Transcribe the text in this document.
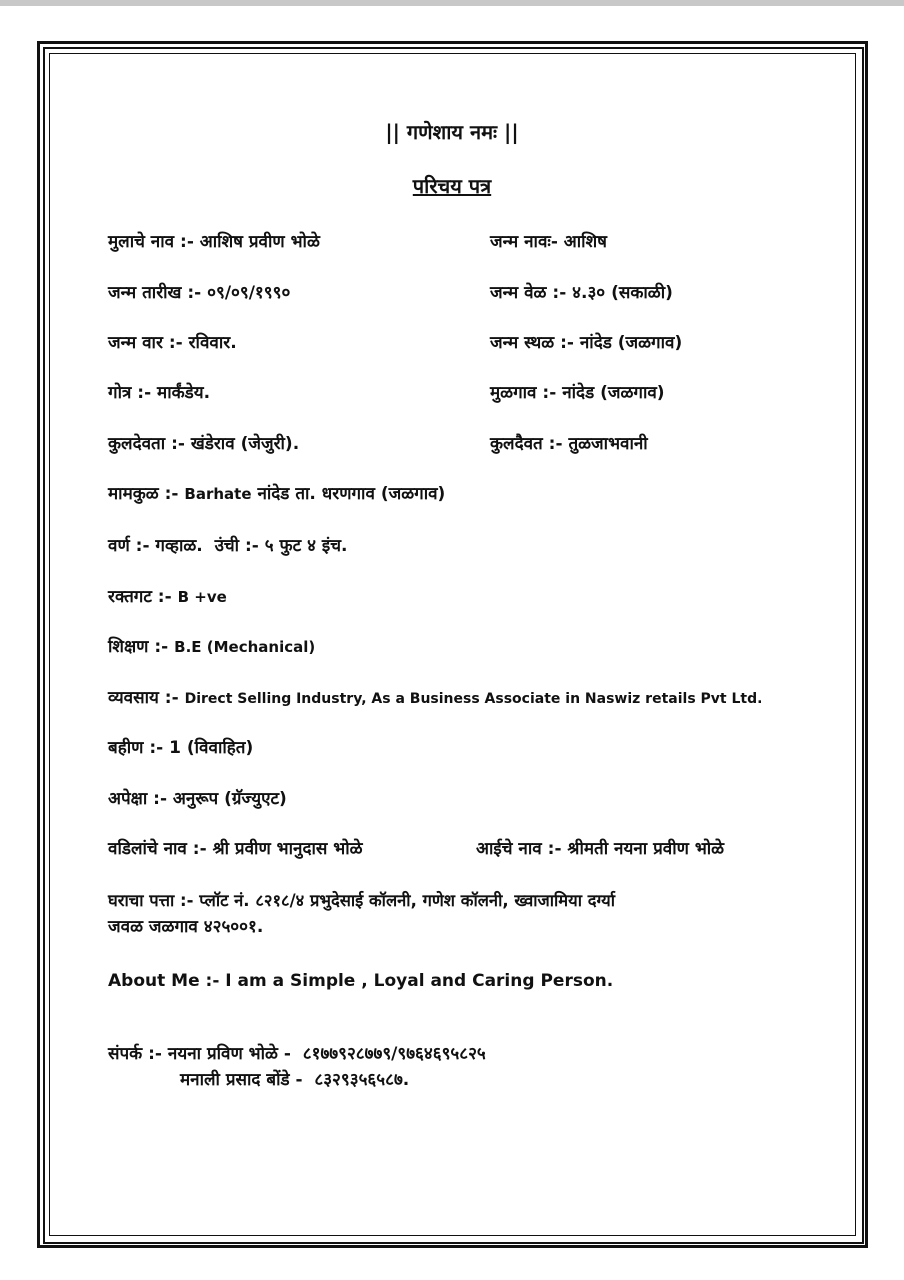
|| गणेशाय नमः ||
परिचय पत्र
मुलाचे नाव :- आशिष प्रवीण भोळे	जन्म नावः- आशिष
जन्म तारीख :- ०९/०९/१९९०	जन्म वेळ :- ४.३० (सकाळी)
जन्म वार :- रविवार.	जन्म स्थळ :- नांदेड (जळगाव)
गोत्र :- मार्कंडेय.	मुळगाव :- नांदेड (जळगाव)
कुलदेवता :- खंडेराव (जेजुरी).	कुलदैवत :- तुळजाभवानी
मामकुळ :- Barhate नांदेड ता. धरणगाव (जळगाव)
वर्ण :- गव्हाळ.  उंची :- ५ फुट ४ इंच.
रक्तगट :- B +ve
शिक्षण :- B.E (Mechanical)
व्यवसाय :- Direct Selling Industry, As a Business Associate in Naswiz retails Pvt Ltd.
बहीण :- 1 (विवाहित)
अपेक्षा :- अनुरूप (ग्रॅज्युएट)
वडिलांचे नाव :- श्री प्रवीण भानुदास भोळे	आईचे नाव :- श्रीमती नयना प्रवीण भोळे
घराचा पत्ता :- प्लॉट नं. ८२१८/४ प्रभुदेसाई कॉलनी, गणेश कॉलनी, ख्वाजामिया दर्ग्या
जवळ जळगाव ४२५००१.
About Me :- I am a Simple , Loyal and Caring Person.
संपर्क :- नयना प्रविण भोळे -  ८१७७९२८७७९/९७६४६९५८२५
मनाली प्रसाद बोंडे -  ८३२९३५६५८७.
